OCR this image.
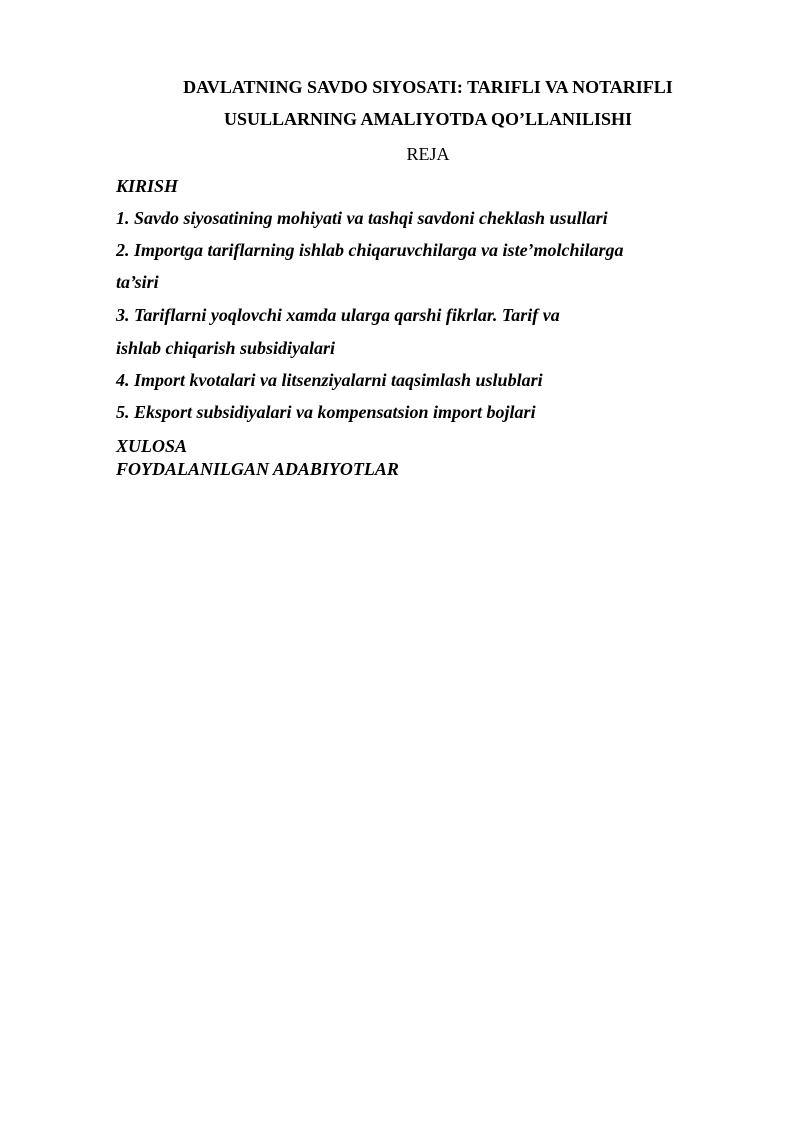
DAVLATNING SAVDO SIYOSATI: TARIFLI VA NOTARIFLI
USULLARNING AMALIYOTDA QO’LLANILISHI
REJA
KIRISH
1. Savdo siyosatining mohiyati va tashqi savdoni cheklash usullari
2. Importga tariflarning ishlab chiqaruvchilarga va iste’molchilarga
ta’siri
3. Tariflarni yoqlovchi xamda ularga qarshi fikrlar. Tarif va
ishlab chiqarish subsidiyalari
4. Import kvotalari va litsenziyalarni taqsimlash uslublari
5. Eksport subsidiyalari va kompensatsion import bojlari
XULOSA
FOYDALANILGAN ADABIYOTLAR
